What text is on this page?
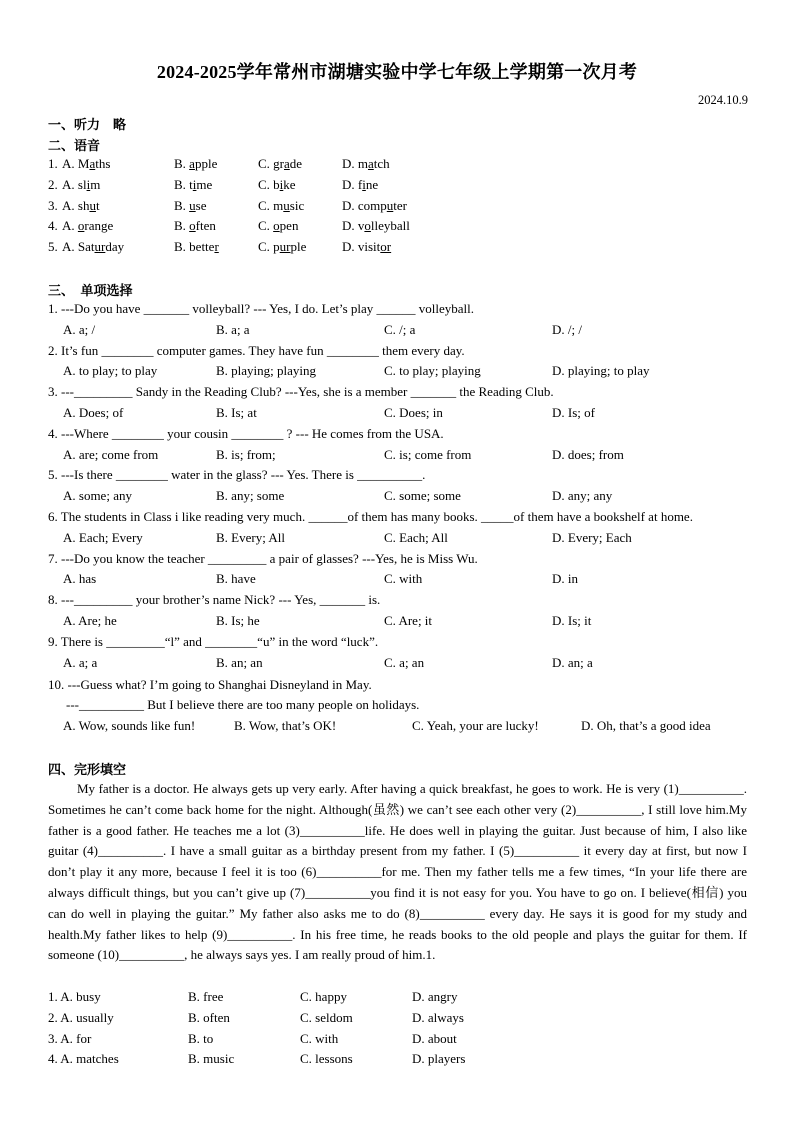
2024-2025学年常州市湖塘实验中学七年级上学期第一次月考
2024.10.9
一、听力　略
二、语音
1. A. Maths	B. apple	C. grade	D. match
2. A. slim	B. time	C. bike	D. fine
3. A. shut	B. use	C. music	D. computer
4. A. orange	B. often	C. open	D. volleyball
5. A. Saturday	B. better	C. purple	D. visitor
三、　单项选择
1. ---Do you have _______ volleyball? --- Yes, I do. Let’s play ______ volleyball.
A. a; /	B. a; a	C. /; a	D. /; /
2. It’s fun ________ computer games. They have fun ________ them every day.
A. to play; to play	B. playing; playing	C. to play; playing	D. playing; to play
3. ---_________ Sandy in the Reading Club? ---Yes, she is a member _______ the Reading Club.
A. Does; of	B. Is; at	C. Does; in	D. Is; of
4. ---Where ________ your cousin ________ ? --- He comes from the USA.
A. are; come from	B. is; from;	C. is; come from	D. does; from
5. ---Is there ________ water in the glass? --- Yes. There is __________.
A. some; any	B. any; some	C. some; some	D. any; any
6. The students in Class i like reading very much. ______of them has many books. _____of them have a bookshelf at home.
A. Each; Every	B. Every; All	C. Each; All	D. Every; Each
7. ---Do you know the teacher _________ a pair of glasses? ---Yes, he is Miss Wu.
A. has	B. have	C. with	D. in
8. ---_________ your brother’s name Nick? --- Yes, _______ is.
A. Are; he	B. Is; he	C. Are; it	D. Is; it
9. There is _________“l” and ________“u” in the word “luck”.
A. a; a	B. an; an	C. a; an	D. an; a
10. ---Guess what? I’m going to Shanghai Disneyland in May.
---__________ But I believe there are too many people on holidays.
A. Wow, sounds like fun!	B. Wow, that’s OK!	C. Yeah, your are lucky!	D. Oh, that’s a good idea
四、完形填空

My father is a doctor. He always gets up very early. After having a quick breakfast, he goes to work. He is very (1)__________. Sometimes he can’t come back home for the night. Although(虽然) we can’t see each other very (2)__________, I still love him.My father is a good father. He teaches me a lot (3)__________life. He does well in playing the guitar. Just because of him, I also like guitar (4)__________. I have a small guitar as a birthday present from my father. I (5)__________ it every day at first, but now I don’t play it any more, because I feel it is too (6)__________for me. Then my father tells me a few times, “In your life there are always difficult things, but you can’t give up (7)__________you find it is not easy for you. You have to go on. I believe(相信) you can do well in playing the guitar.” My father also asks me to do (8)__________ every day. He says it is good for my study and health.My father likes to help (9)__________. In his free time, he reads books to the old people and plays the guitar for them. If someone (10)__________, he always says yes. I am really proud of him.1.

1. A. busy	B. free	C. happy	D. angry
2. A. usually	B. often	C. seldom	D. always
3. A. for	B. to	C. with	D. about
4. A. matches	B. music	C. lessons	D. players
